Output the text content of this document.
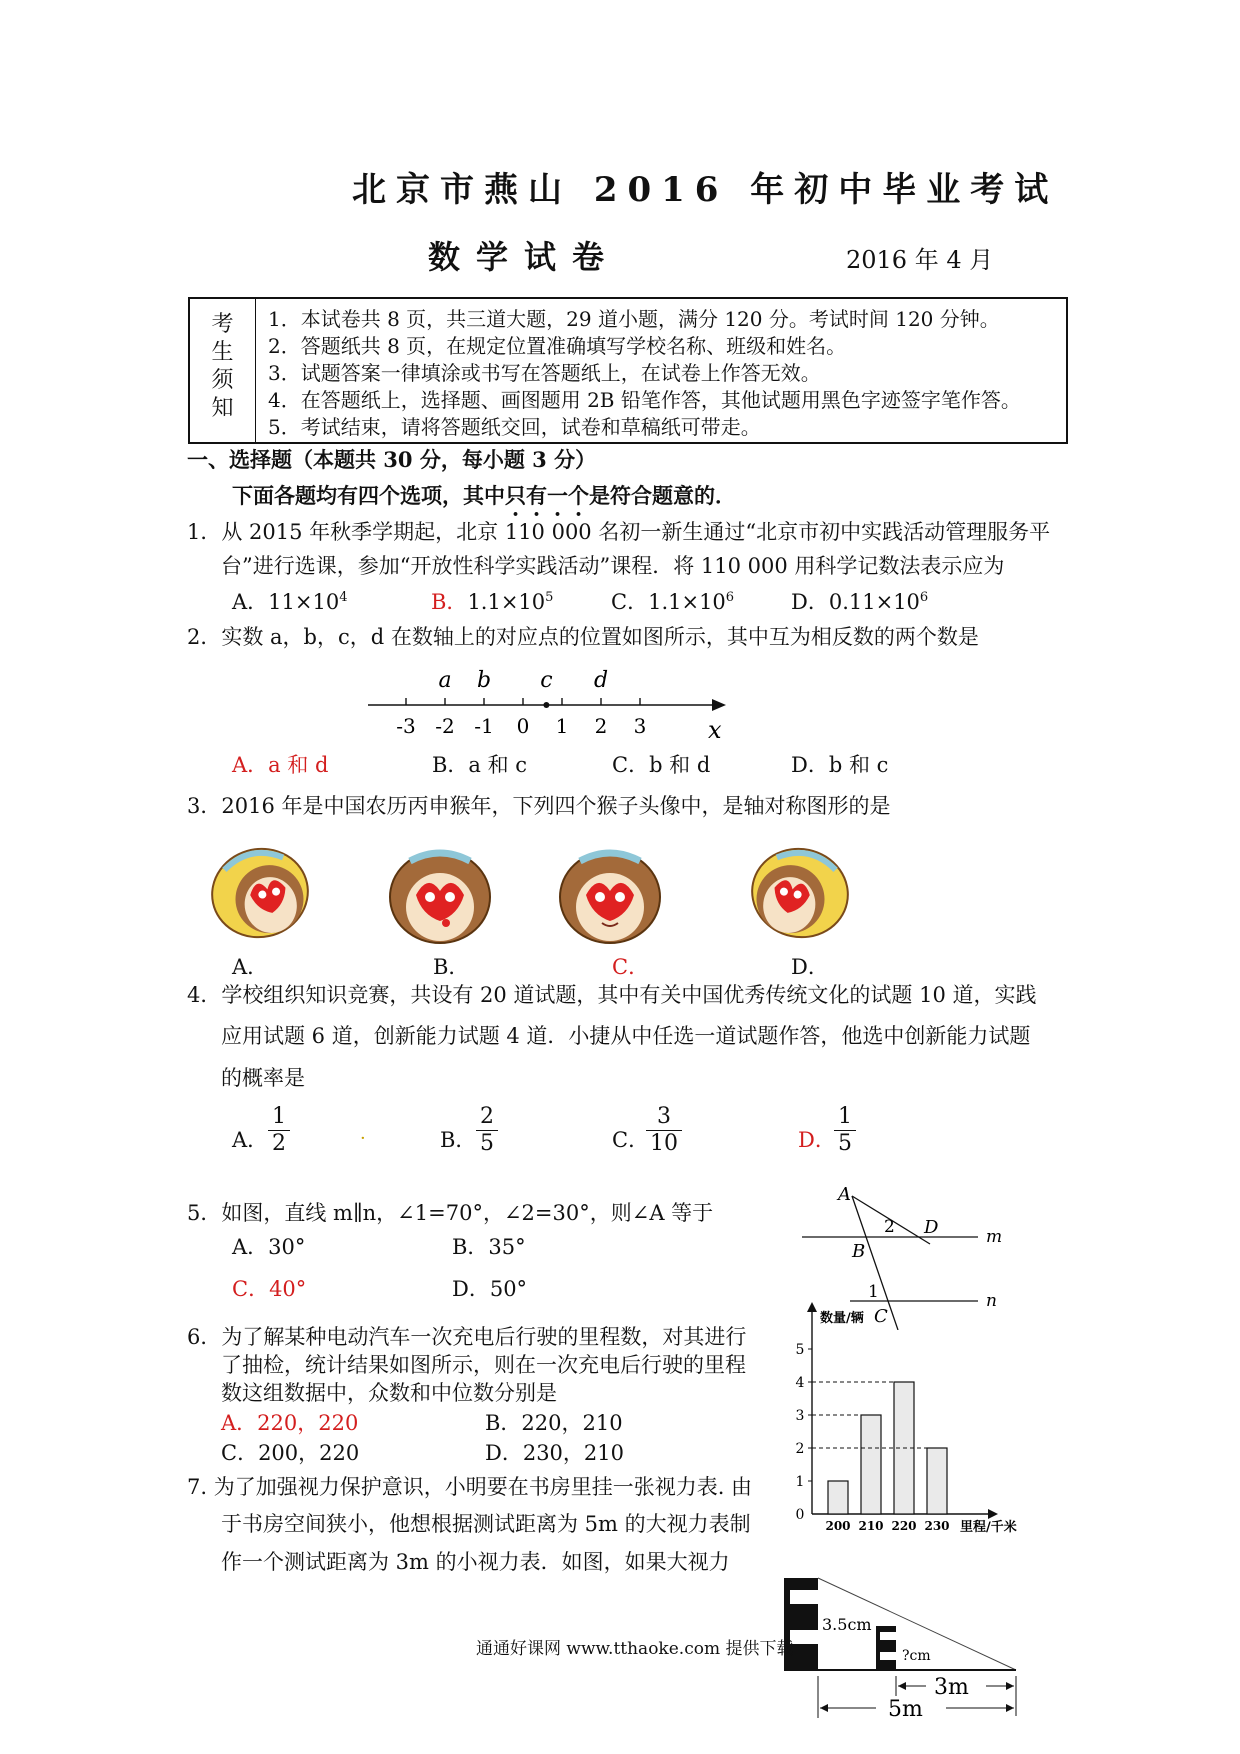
北京市燕山 2016 年初中毕业考试
数学试卷	2016 年 4 月
考
生
须
知
1．本试卷共 8 页，共三道大题，29 道小题，满分 120 分。考试时间 120 分钟。
2．答题纸共 8 页，在规定位置准确填写学校名称、班级和姓名。
3．试题答案一律填涂或书写在答题纸上，在试卷上作答无效。
4．在答题纸上，选择题、画图题用 2B 铅笔作答，其他试题用黑色字迹签字笔作答。
5．考试结束，请将答题纸交回，试卷和草稿纸可带走。
一、选择题（本题共 30 分，每小题 3 分）
下面各题均有四个选项，其中只有一个是符合题意的．
1．从 2015 年秋季学期起，北京 110 000 名初一新生通过“北京市初中实践活动管理服务平
台”进行选课，参加“开放性科学实践活动”课程．将 110 000 用科学记数法表示应为
A．$11\times 10^4$	B．$1.1\times 10^5$	C．$1.1\times 10^6$	D．$0.11\times 10^6$
2．实数 a，b，c，d 在数轴上的对应点的位置如图所示，其中互为相反数的两个数是
-3 -2 -1 0 1 2 3
a b c d
x
A．a 和 d	B．a 和 c	C．b 和 d	D．b 和 c
3．2016 年是中国农历丙申猴年，下列四个猴子头像中，是轴对称图形的是
A．	B．	C．	D．
4．学校组织知识竞赛，共设有 20 道试题，其中有关中国优秀传统文化的试题 10 道，实践
应用试题 6 道，创新能力试题 4 道．小捷从中任选一道试题作答，他选中创新能力试题
的概率是
A． $\frac{1}{2}$	·	B． $\frac{2}{5}$	C．
$\frac{3}{10}$	D．
$\frac{1}{5}$
5．如图，直线 m∥n，∠1=70°，∠2=30°，则∠A 等于
A．30°	B．35°
C．40°	D．50°
A
B
C
D	m
n
1
2
6．为了解某种电动汽车一次充电后行驶的里程数，对其进行
了抽检，统计结果如图所示，则在一次充电后行驶的里程
数这组数据中，众数和中位数分别是
A．220，220	B．220，210
C．200，220	D．230，210
数量/辆
里程/千米
0
1
2
3
4
5
200 210 220 230
7. 为了加强视力保护意识，小明要在书房里挂一张视力表. 由
于书房空间狭小，他想根据测试距离为 5m 的大视力表制
作一个测试距离为 3m 的小视力表．如图，如果大视力
3.5cm
?cm
3m
5m
通通好课网 www.tthaoke.com 提供下载
